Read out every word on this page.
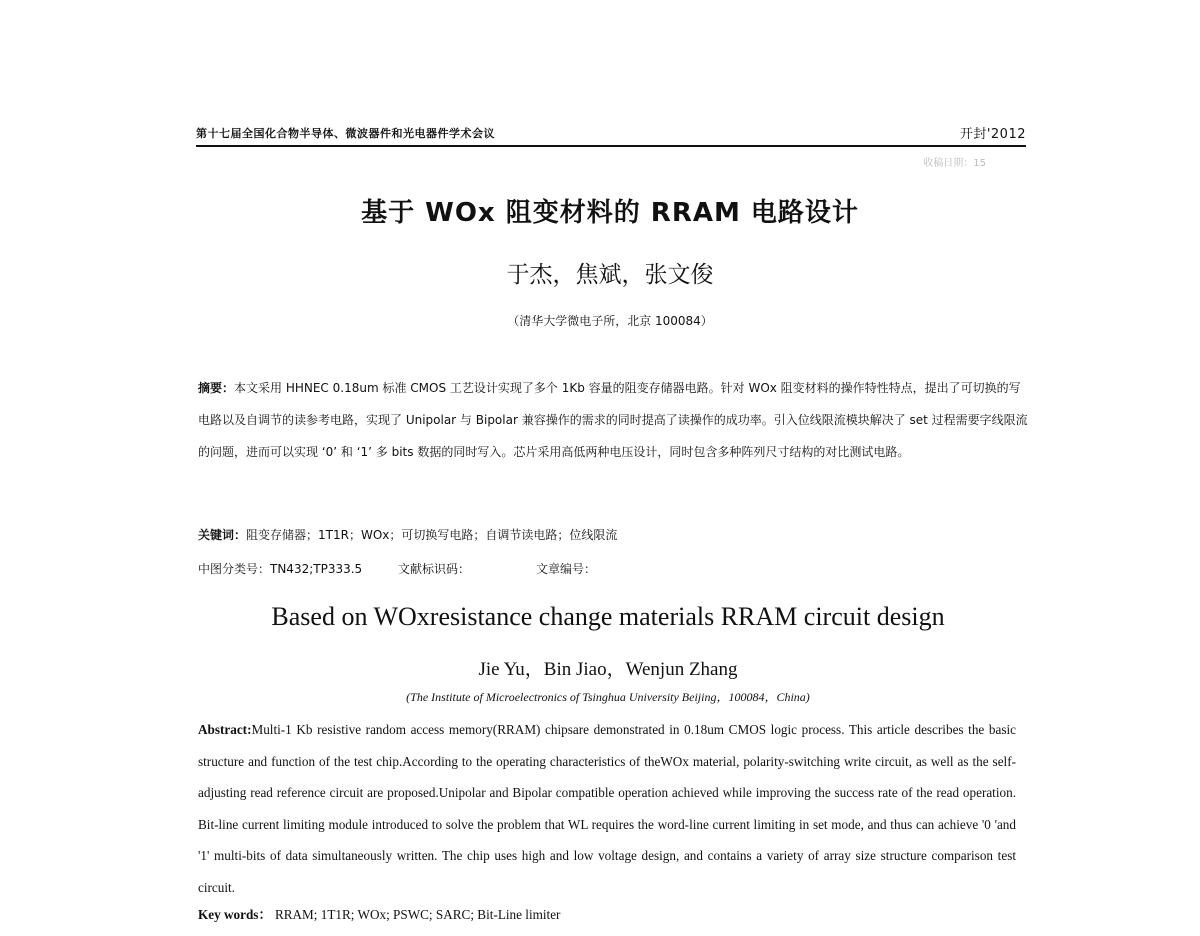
第十七届全国化合物半导体、微波器件和光电器件学术会议	开封'2012
收稿日期：15
基于 WOx 阻变材料的 RRAM 电路设计
于杰，焦斌，张文俊
（清华大学微电子所，北京 100084）
摘要：本文采用 HHNEC 0.18um 标准 CMOS 工艺设计实现了多个 1Kb 容量的阻变存储器电路。针对 WOx 阻变材料的操作特性特点，提出了可切换的写电路以及自调节的读参考电路，实现了 Unipolar 与 Bipolar 兼容操作的需求的同时提高了读操作的成功率。引入位线限流模块解决了 set 过程需要字线限流的问题，进而可以实现 ‘0’ 和 ‘1’ 多 bits 数据的同时写入。芯片采用高低两种电压设计，同时包含多种阵列尺寸结构的对比测试电路。
关键词：阻变存储器；1T1R；WOx；可切换写电路；自调节读电路；位线限流
中图分类号：TN432;TP333.5	文献标识码：	文章编号：
Based on WOxresistance change materials RRAM circuit design
Jie Yu，Bin Jiao，Wenjun Zhang
(The Institute of Microelectronics of Tsinghua University Beijing，100084，China)
Abstract:Multi-1 Kb resistive random access memory(RRAM) chipsare demonstrated in 0.18um CMOS logic process. This article describes the basic structure and function of the test chip.According to the operating characteristics of theWOx material, polarity-switching write circuit, as well as the self-adjusting read reference circuit are proposed.Unipolar and Bipolar compatible operation achieved while improving the success rate of the read operation. Bit-line current limiting module introduced to solve the problem that WL requires the word-line current limiting in set mode, and thus can achieve '0 'and '1' multi-bits of data simultaneously written. The chip uses high and low voltage design, and contains a variety of array size structure comparison test circuit.
Key words： RRAM; 1T1R; WOx; PSWC; SARC; Bit-Line limiter
